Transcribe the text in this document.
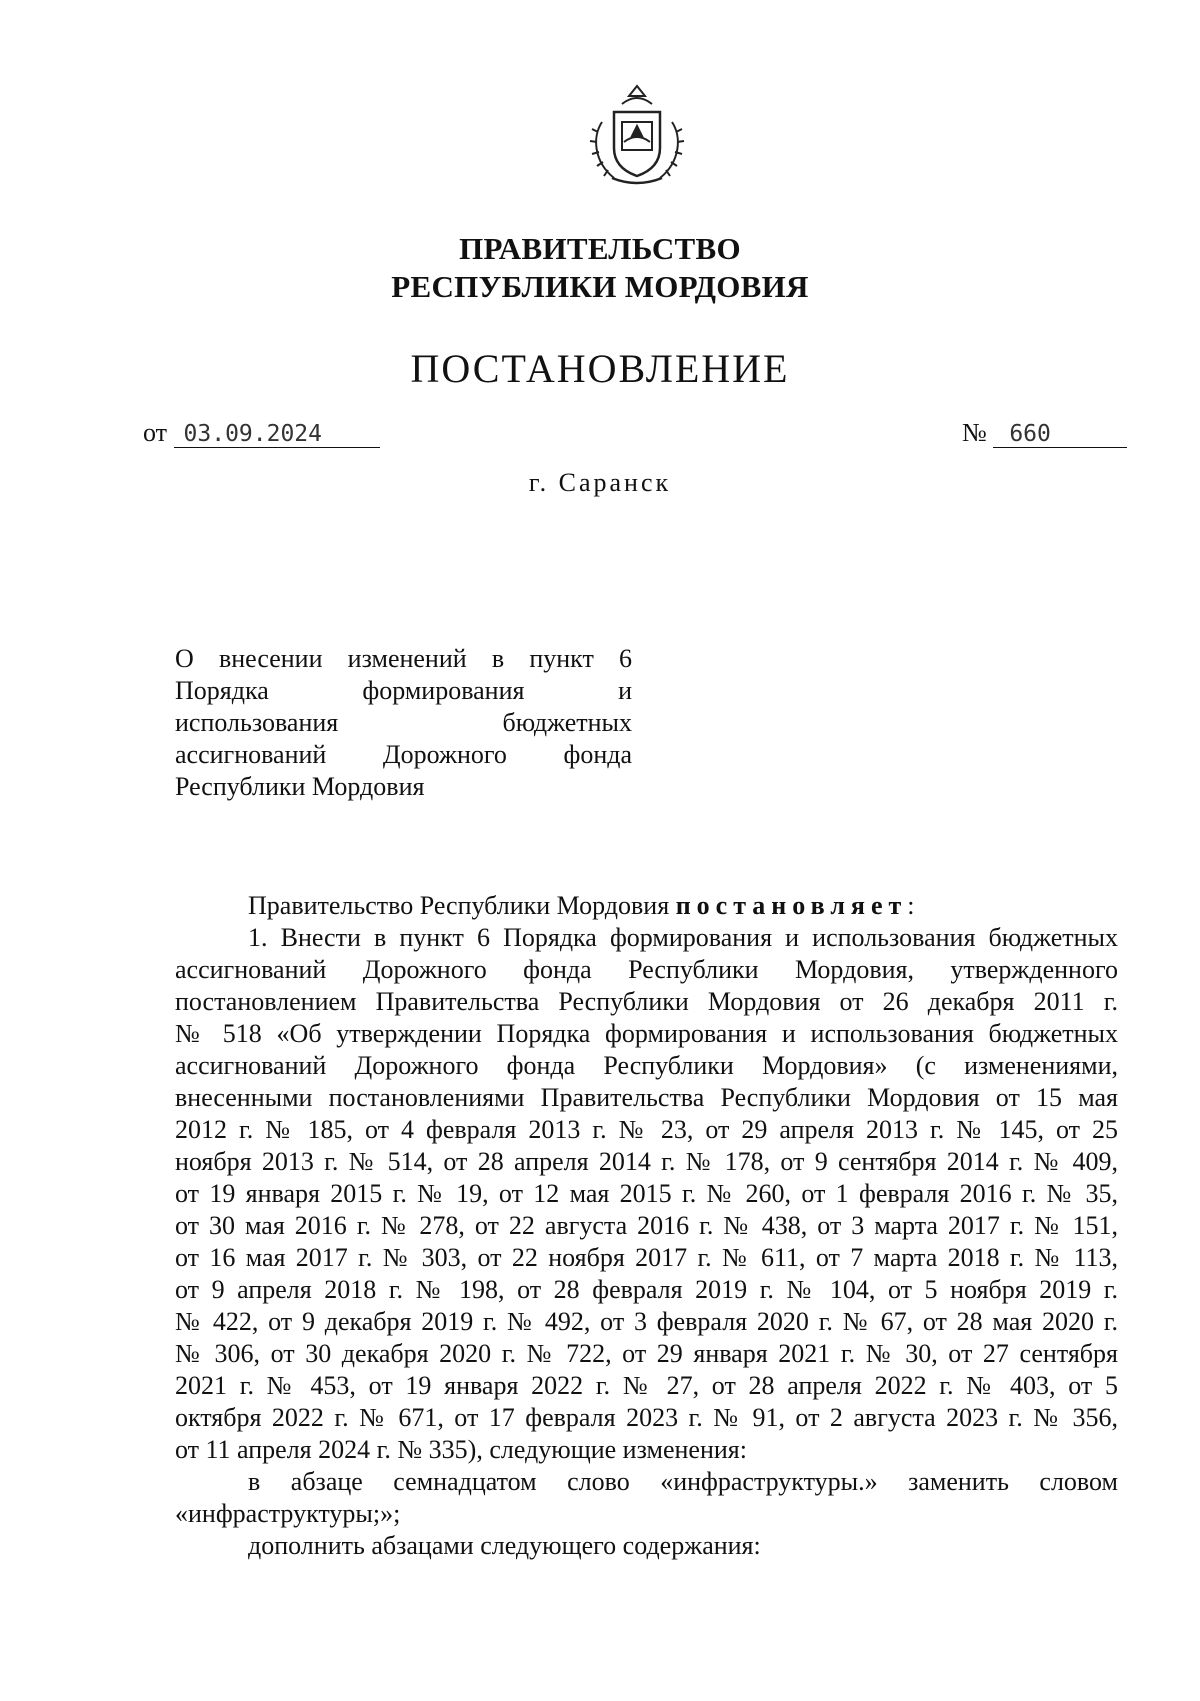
ПРАВИТЕЛЬСТВО
РЕСПУБЛИКИ МОРДОВИЯ
ПОСТАНОВЛЕНИЕ
от 03.09.2024	№ 660
г. Саранск
О внесении изменений в пункт 6
Порядка формирования и
использования бюджетных
ассигнований Дорожного фонда
Республики Мордовия
Правительство Республики Мордовия постановляет:
1. Внести в пункт 6 Порядка формирования и использования бюджетных
ассигнований Дорожного фонда Республики Мордовия, утвержденного
постановлением Правительства Республики Мордовия от 26 декабря 2011 г.
№ 518 «Об утверждении Порядка формирования и использования бюджетных
ассигнований Дорожного фонда Республики Мордовия» (с изменениями,
внесенными постановлениями Правительства Республики Мордовия от 15 мая
2012 г. № 185, от 4 февраля 2013 г. № 23, от 29 апреля 2013 г. № 145, от 25
ноября 2013 г. № 514, от 28 апреля 2014 г. № 178, от 9 сентября 2014 г. № 409,
от 19 января 2015 г. № 19, от 12 мая 2015 г. № 260, от 1 февраля 2016 г. № 35,
от 30 мая 2016 г. № 278, от 22 августа 2016 г. № 438, от 3 марта 2017 г. № 151,
от 16 мая 2017 г. № 303, от 22 ноября 2017 г. № 611, от 7 марта 2018 г. № 113,
от 9 апреля 2018 г. № 198, от 28 февраля 2019 г. № 104, от 5 ноября 2019 г.
№ 422, от 9 декабря 2019 г. № 492, от 3 февраля 2020 г. № 67, от 28 мая 2020 г.
№ 306, от 30 декабря 2020 г. № 722, от 29 января 2021 г. № 30, от 27 сентября
2021 г. № 453, от 19 января 2022 г. № 27, от 28 апреля 2022 г. № 403, от 5
октября 2022 г. № 671, от 17 февраля 2023 г. № 91, от 2 августа 2023 г. № 356,
от 11 апреля 2024 г. № 335), следующие изменения:
в абзаце семнадцатом слово «инфраструктуры.» заменить словом
«инфраструктуры;»;
дополнить абзацами следующего содержания:
